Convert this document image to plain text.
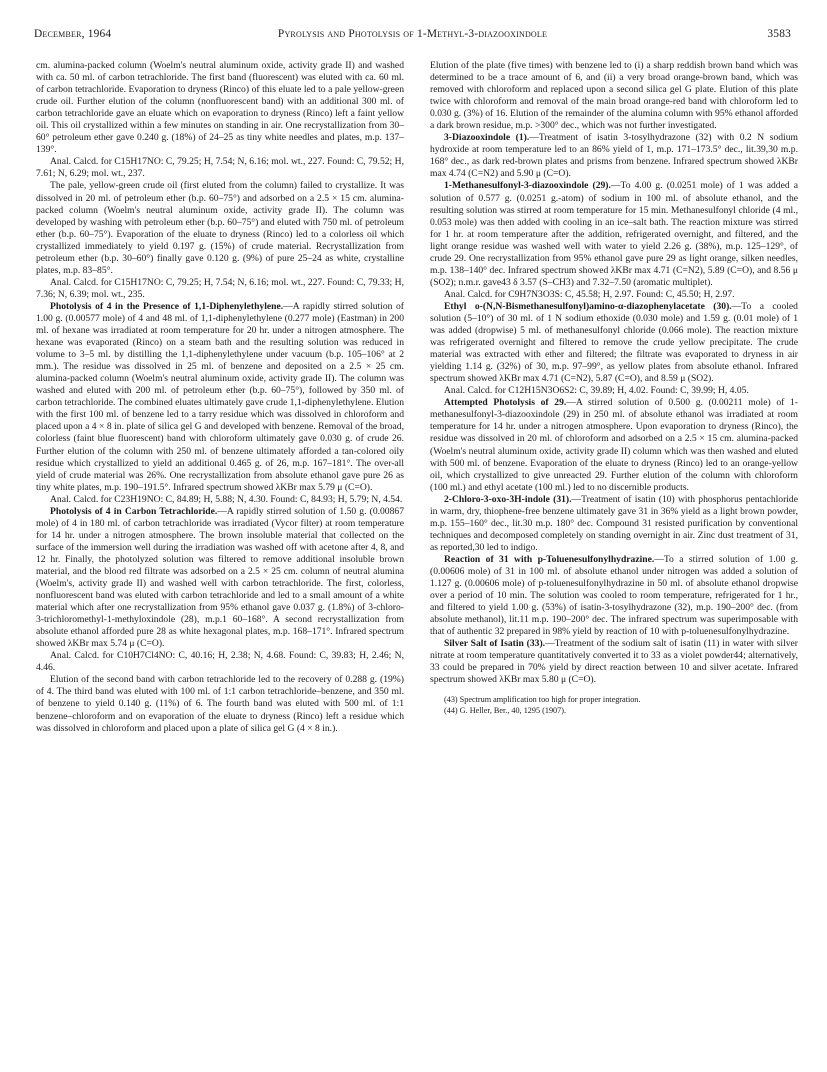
December, 1964	Pyrolysis and Photolysis of 1-Methyl-3-diazooxindole	3583

cm. alumina-packed column (Woelm's neutral aluminum oxide, activity grade II) and washed with ca. 50 ml. of carbon tetrachloride. The first band (fluorescent) was eluted with ca. 60 ml. of carbon tetrachloride. Evaporation to dryness (Rinco) of this eluate led to a pale yellow-green crude oil. Further elution of the column (nonfluorescent band) with an additional 300 ml. of carbon tetrachloride gave an eluate which on evaporation to dryness (Rinco) left a faint yellow oil. This oil crystallized within a few minutes on standing in air. One recrystallization from 30–60° petroleum ether gave 0.240 g. (18%) of 24–25 as tiny white needles and plates, m.p. 137–139°.

Anal. Calcd. for C15H17NO: C, 79.25; H, 7.54; N, 6.16; mol. wt., 227. Found: C, 79.52; H, 7.61; N, 6.29; mol. wt., 237.

The pale, yellow-green crude oil (first eluted from the column) failed to crystallize. It was dissolved in 20 ml. of petroleum ether (b.p. 60–75°) and adsorbed on a 2.5 × 15 cm. alumina-packed column (Woelm's neutral aluminum oxide, activity grade II). The column was developed by washing with petroleum ether (b.p. 60–75°) and eluted with 750 ml. of petroleum ether (b.p. 60–75°). Evaporation of the eluate to dryness (Rinco) led to a colorless oil which crystallized immediately to yield 0.197 g. (15%) of crude material. Recrystallization from petroleum ether (b.p. 30–60°) finally gave 0.120 g. (9%) of pure 25–24 as white, crystalline plates, m.p. 83–85°.

Anal. Calcd. for C15H17NO: C, 79.25; H, 7.54; N, 6.16; mol. wt., 227. Found: C, 79.33; H, 7.36; N, 6.39; mol. wt., 235.

Photolysis of 4 in the Presence of 1,1-Diphenylethylene.—A rapidly stirred solution of 1.00 g. (0.00577 mole) of 4 and 48 ml. of 1,1-diphenylethylene (0.277 mole) (Eastman) in 200 ml. of hexane was irradiated at room temperature for 20 hr. under a nitrogen atmosphere. The hexane was evaporated (Rinco) on a steam bath and the resulting solution was reduced in volume to 3–5 ml. by distilling the 1,1-diphenylethylene under vacuum (b.p. 105–106° at 2 mm.). The residue was dissolved in 25 ml. of benzene and deposited on a 2.5 × 25 cm. alumina-packed column (Woelm's neutral aluminum oxide, activity grade II). The column was washed and eluted with 200 ml. of petroleum ether (b.p. 60–75°), followed by 350 ml. of carbon tetrachloride. The combined eluates ultimately gave crude 1,1-diphenylethylene. Elution with the first 100 ml. of benzene led to a tarry residue which was dissolved in chloroform and placed upon a 4 × 8 in. plate of silica gel G and developed with benzene. Removal of the broad, colorless (faint blue fluorescent) band with chloroform ultimately gave 0.030 g. of crude 26. Further elution of the column with 250 ml. of benzene ultimately afforded a tan-colored oily residue which crystallized to yield an additional 0.465 g. of 26, m.p. 167–181°. The over-all yield of crude material was 26%. One recrystallization from absolute ethanol gave pure 26 as tiny white plates, m.p. 190–191.5°. Infrared spectrum showed λKBr max 5.79 μ (C=O).

Anal. Calcd. for C23H19NO: C, 84.89; H, 5.88; N, 4.30. Found: C, 84.93; H, 5.79; N, 4.54.

Photolysis of 4 in Carbon Tetrachloride.—A rapidly stirred solution of 1.50 g. (0.00867 mole) of 4 in 180 ml. of carbon tetrachloride was irradiated (Vycor filter) at room temperature for 14 hr. under a nitrogen atmosphere. The brown insoluble material that collected on the surface of the immersion well during the irradiation was washed off with acetone after 4, 8, and 12 hr. Finally, the photolyzed solution was filtered to remove additional insoluble brown material, and the blood red filtrate was adsorbed on a 2.5 × 25 cm. column of neutral alumina (Woelm's, activity grade II) and washed well with carbon tetrachloride. The first, colorless, nonfluorescent band was eluted with carbon tetrachloride and led to a small amount of a white material which after one recrystallization from 95% ethanol gave 0.037 g. (1.8%) of 3-chloro-3-trichloromethyl-1-methyloxindole (28), m.p.1 60–168°. A second recrystallization from absolute ethanol afforded pure 28 as white hexagonal plates, m.p. 168–171°. Infrared spectrum showed λKBr max 5.74 μ (C=O).

Anal. Calcd. for C10H7Cl4NO: C, 40.16; H, 2.38; N, 4.68. Found: C, 39.83; H, 2.46; N, 4.46.

Elution of the second band with carbon tetrachloride led to the recovery of 0.288 g. (19%) of 4. The third band was eluted with 100 ml. of 1:1 carbon tetrachloride–benzene, and 350 ml. of benzene to yield 0.140 g. (11%) of 6. The fourth band was eluted with 500 ml. of 1:1 benzene–chloroform and on evaporation of the eluate to dryness (Rinco) left a residue which was dissolved in chloroform and placed upon a plate of silica gel G (4 × 8 in.).

Elution of the plate (five times) with benzene led to (i) a sharp reddish brown band which was determined to be a trace amount of 6, and (ii) a very broad orange-brown band, which was removed with chloroform and replaced upon a second silica gel G plate. Elution of this plate twice with chloroform and removal of the main broad orange-red band with chloroform led to 0.030 g. (3%) of 16. Elution of the remainder of the alumina column with 95% ethanol afforded a dark brown residue, m.p. >300° dec., which was not further investigated.

3-Diazooxindole (1).—Treatment of isatin 3-tosylhydrazone (32) with 0.2 N sodium hydroxide at room temperature led to an 86% yield of 1, m.p. 171–173.5° dec., lit.39,30 m.p. 168° dec., as dark red-brown plates and prisms from benzene. Infrared spectrum showed λKBr max 4.74 (C=N2) and 5.90 μ (C=O).

1-Methanesulfonyl-3-diazooxindole (29).—To 4.00 g. (0.0251 mole) of 1 was added a solution of 0.577 g. (0.0251 g.-atom) of sodium in 100 ml. of absolute ethanol, and the resulting solution was stirred at room temperature for 15 min. Methanesulfonyl chloride (4 ml., 0.053 mole) was then added with cooling in an ice–salt bath. The reaction mixture was stirred for 1 hr. at room temperature after the addition, refrigerated overnight, and filtered, and the light orange residue was washed well with water to yield 2.26 g. (38%), m.p. 125–129°, of crude 29. One recrystallization from 95% ethanol gave pure 29 as light orange, silken needles, m.p. 138–140° dec. Infrared spectrum showed λKBr max 4.71 (C=N2), 5.89 (C=O), and 8.56 μ (SO2); n.m.r. gave43 δ 3.57 (S–CH3) and 7.32–7.50 (aromatic multiplet).

Anal. Calcd. for C9H7N3O3S: C, 45.58; H, 2.97. Found: C, 45.50; H, 2.97.

Ethyl o-(N,N-Bismethanesulfonyl)amino-α-diazophenylacetate (30).—To a cooled solution (5–10°) of 30 ml. of 1 N sodium ethoxide (0.030 mole) and 1.59 g. (0.01 mole) of 1 was added (dropwise) 5 ml. of methanesulfonyl chloride (0.066 mole). The reaction mixture was refrigerated overnight and filtered to remove the crude yellow precipitate. The crude material was extracted with ether and filtered; the filtrate was evaporated to dryness in air yielding 1.14 g. (32%) of 30, m.p. 97–99°, as yellow plates from absolute ethanol. Infrared spectrum showed λKBr max 4.71 (C=N2), 5.87 (C=O), and 8.59 μ (SO2).

Anal. Calcd. for C12H15N3O6S2: C, 39.89; H, 4.02. Found: C, 39.99; H, 4.05.

Attempted Photolysis of 29.—A stirred solution of 0.500 g. (0.00211 mole) of 1-methanesulfonyl-3-diazooxindole (29) in 250 ml. of absolute ethanol was irradiated at room temperature for 14 hr. under a nitrogen atmosphere. Upon evaporation to dryness (Rinco), the residue was dissolved in 20 ml. of chloroform and adsorbed on a 2.5 × 15 cm. alumina-packed (Woelm's neutral aluminum oxide, activity grade II) column which was then washed and eluted with 500 ml. of benzene. Evaporation of the eluate to dryness (Rinco) led to an orange-yellow oil, which crystallized to give unreacted 29. Further elution of the column with chloroform (100 ml.) and ethyl acetate (100 ml.) led to no discernible products.

2-Chloro-3-oxo-3H-indole (31).—Treatment of isatin (10) with phosphorus pentachloride in warm, dry, thiophene-free benzene ultimately gave 31 in 36% yield as a light brown powder, m.p. 155–160° dec., lit.30 m.p. 180° dec. Compound 31 resisted purification by conventional techniques and decomposed completely on standing overnight in air. Zinc dust treatment of 31, as reported,30 led to indigo.

Reaction of 31 with p-Toluenesulfonylhydrazine.—To a stirred solution of 1.00 g. (0.00606 mole) of 31 in 100 ml. of absolute ethanol under nitrogen was added a solution of 1.127 g. (0.00606 mole) of p-toluenesulfonylhydrazine in 50 ml. of absolute ethanol dropwise over a period of 10 min. The solution was cooled to room temperature, refrigerated for 1 hr., and filtered to yield 1.00 g. (53%) of isatin-3-tosylhydrazone (32), m.p. 190–200° dec. (from absolute methanol), lit.11 m.p. 190–200° dec. The infrared spectrum was superimposable with that of authentic 32 prepared in 98% yield by reaction of 10 with p-toluenesulfonylhydrazine.

Silver Salt of Isatin (33).—Treatment of the sodium salt of isatin (11) in water with silver nitrate at room temperature quantitatively converted it to 33 as a violet powder44; alternatively, 33 could be prepared in 70% yield by direct reaction between 10 and silver acetate. Infrared spectrum showed λKBr max 5.80 μ (C=O).

(43) Spectrum amplification too high for proper integration.

(44) G. Heller, Ber., 40, 1295 (1907).
